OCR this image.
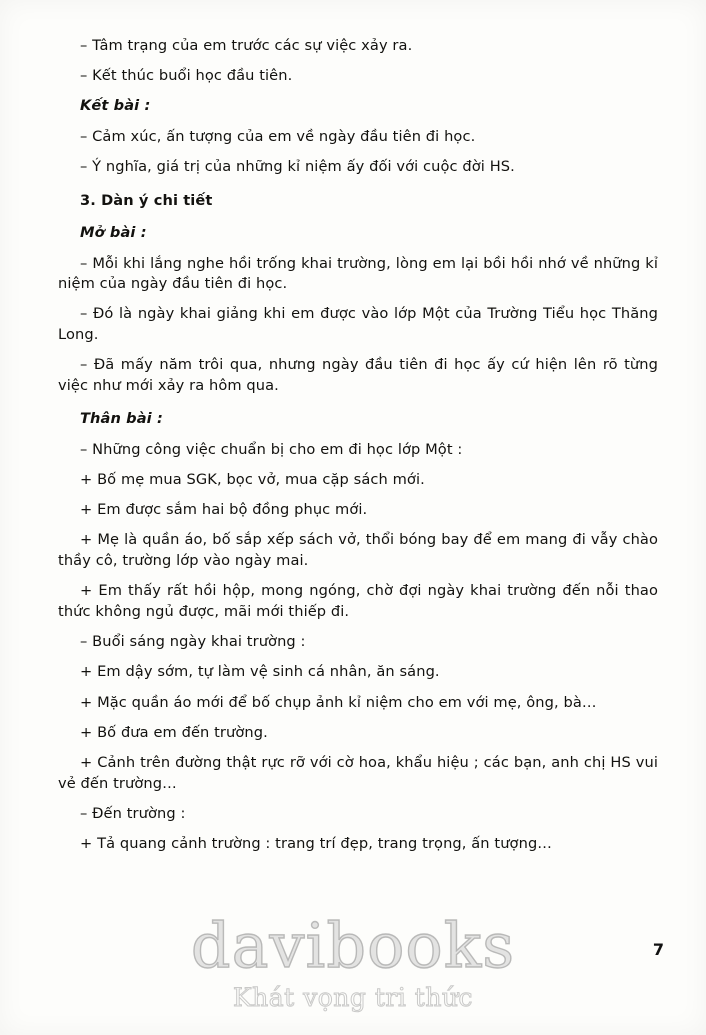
– Tâm trạng của em trước các sự việc xảy ra.

– Kết thúc buổi học đầu tiên.

Kết bài :

– Cảm xúc, ấn tượng của em về ngày đầu tiên đi học.

– Ý nghĩa, giá trị của những kỉ niệm ấy đối với cuộc đời HS.

3. Dàn ý chi tiết

Mở bài :

– Mỗi khi lắng nghe hồi trống khai trường, lòng em lại bồi hồi nhớ về những kỉ niệm của ngày đầu tiên đi học.

– Đó là ngày khai giảng khi em được vào lớp Một của Trường Tiểu học Thăng Long.

– Đã mấy năm trôi qua, nhưng ngày đầu tiên đi học ấy cứ hiện lên rõ từng việc như mới xảy ra hôm qua.

Thân bài :

– Những công việc chuẩn bị cho em đi học lớp Một :

+ Bố mẹ mua SGK, bọc vở, mua cặp sách mới.

+ Em được sắm hai bộ đồng phục mới.

+ Mẹ là quần áo, bố sắp xếp sách vở, thổi bóng bay để em mang đi vẫy chào thầy cô, trường lớp vào ngày mai.

+ Em thấy rất hồi hộp, mong ngóng, chờ đợi ngày khai trường đến nỗi thao thức không ngủ được, mãi mới thiếp đi.

– Buổi sáng ngày khai trường :

+ Em dậy sớm, tự làm vệ sinh cá nhân, ăn sáng.

+ Mặc quần áo mới để bố chụp ảnh kỉ niệm cho em với mẹ, ông, bà…

+ Bố đưa em đến trường.

+ Cảnh trên đường thật rực rỡ với cờ hoa, khẩu hiệu ; các bạn, anh chị HS vui vẻ đến trường…

– Đến trường :

+ Tả quang cảnh trường : trang trí đẹp, trang trọng, ấn tượng…

davibooks
Khát vọng tri thức
7
